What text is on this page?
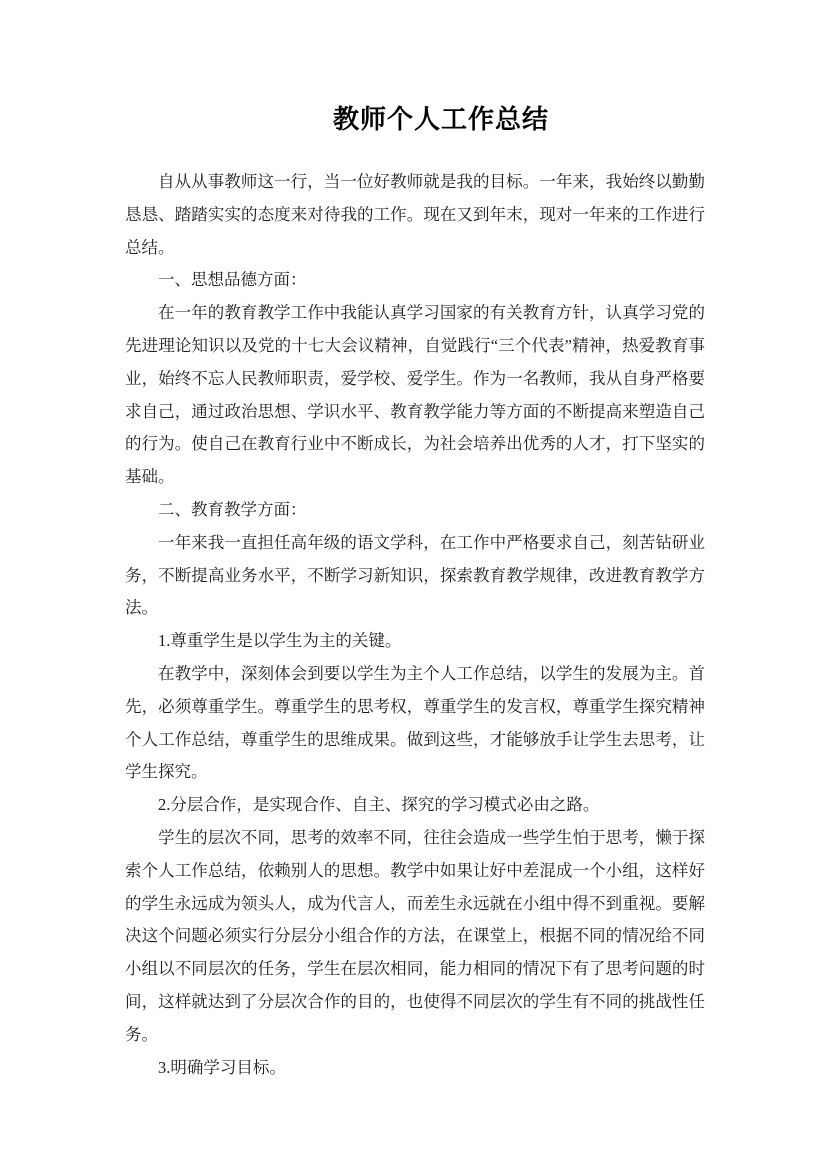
教师个人工作总结

自从从事教师这一行，当一位好教师就是我的目标。一年来，我始终以勤勤恳恳、踏踏实实的态度来对待我的工作。现在又到年末，现对一年来的工作进行总结。

一、思想品德方面：

在一年的教育教学工作中我能认真学习国家的有关教育方针，认真学习党的先进理论知识以及党的十七大会议精神，自觉践行“三个代表”精神，热爱教育事业，始终不忘人民教师职责，爱学校、爱学生。作为一名教师，我从自身严格要求自己，通过政治思想、学识水平、教育教学能力等方面的不断提高来塑造自己的行为。使自己在教育行业中不断成长，为社会培养出优秀的人才，打下坚实的基础。

二、教育教学方面：

一年来我一直担任高年级的语文学科，在工作中严格要求自己，刻苦钻研业务，不断提高业务水平，不断学习新知识，探索教育教学规律，改进教育教学方法。

1.尊重学生是以学生为主的关键。

在教学中，深刻体会到要以学生为主个人工作总结，以学生的发展为主。首先，必须尊重学生。尊重学生的思考权，尊重学生的发言权，尊重学生探究精神个人工作总结，尊重学生的思维成果。做到这些，才能够放手让学生去思考，让学生探究。

2.分层合作，是实现合作、自主、探究的学习模式必由之路。

学生的层次不同，思考的效率不同，往往会造成一些学生怕于思考，懒于探索个人工作总结，依赖别人的思想。教学中如果让好中差混成一个小组，这样好的学生永远成为领头人，成为代言人，而差生永远就在小组中得不到重视。要解决这个问题必须实行分层分小组合作的方法，在课堂上，根据不同的情况给不同小组以不同层次的任务，学生在层次相同，能力相同的情况下有了思考问题的时间，这样就达到了分层次合作的目的，也使得不同层次的学生有不同的挑战性任务。

3.明确学习目标。
